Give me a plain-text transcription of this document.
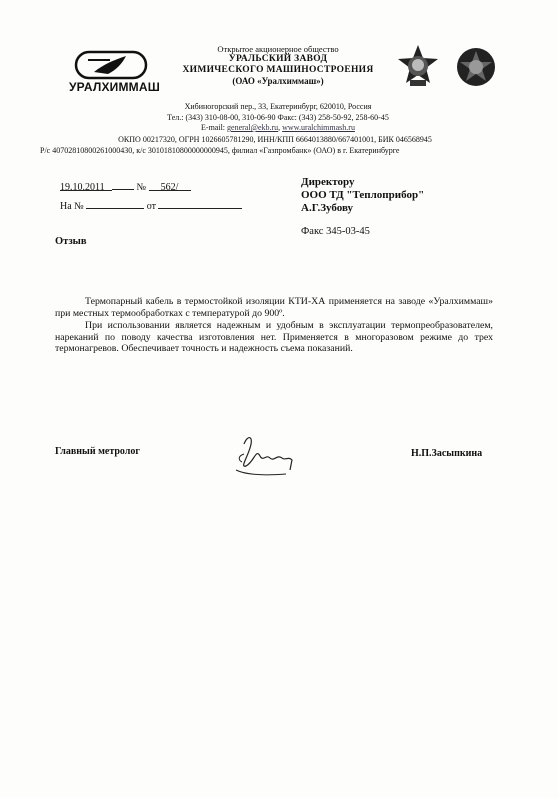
УРАЛХИММАШ
Открытое акционерное общество
УРАЛЬСКИЙ ЗАВОД
ХИМИЧЕСКОГО МАШИНОСТРОЕНИЯ
(ОАО «Уралхиммаш»)
Хибиногорский пер., 33, Екатеринбург, 620010, Россия
Тел.: (343) 310-08-00, 310-06-90 Факс: (343) 258-50-92, 258-60-45
E-mail: general@ekb.ru, www.uralchimmash.ru
ОКПО 00217320, ОГРН 1026605781290, ИНН/КПП 6664013880/667401001, БИК 046568945
Р/с 40702810800261000430, к/с 30101810800000000945, филиал «Газпромбанк» (ОАО) в г. Екатеринбурге
19.10.2011	№ 562/
На №	от
Директору
ООО ТД "Теплоприбор"
А.Г.Зубову
Факс 345-03-45
Отзыв

Термопарный кабель в термостойкой изоляции КТИ-ХА применяется на заводе «Уралхиммаш» при местных термообработках с температурой до 900º.

При использовании является надежным и удобным в эксплуатации термопреобразователем, нареканий по поводу качества изготовления нет. Применяется в многоразовом режиме до трех термонагревов. Обеспечивает точность и надежность съема показаний.

Главный метролог	Н.П.Засыпкина
